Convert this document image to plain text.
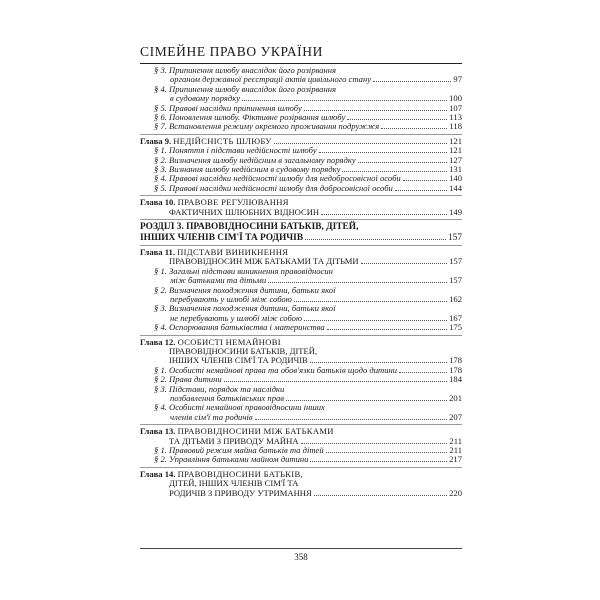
СІМЕЙНЕ ПРАВО УКРАЇНИ
§ 3. Припинення шлюбу внаслідок його розірвання
органом державної реєстрації актів цивільного стану	97
§ 4. Припинення шлюбу внаслідок його розірвання
в судовому порядку	100
§ 5. Правові наслідки припинення шлюбу	107
§ 6. Поновлення шлюбу. Фіктивне розірвання шлюбу	113
§ 7. Встановлення режиму окремого проживання подружжя	118
Глава 9. НЕДІЙСНІСТЬ ШЛЮБУ	121
§ 1. Поняття і підстави недійсності шлюбу	121
§ 2. Визначення шлюбу недійсним в загальному порядку	127
§ 3. Визнання шлюбу недійсним в судовому порядку	131
§ 4. Правові наслідки недійсності шлюбу для недобросовісної особи	140
§ 5. Правові наслідки недійсності шлюбу для добросовісної особи	144
Глава 10. ПРАВОВЕ РЕГУЛЮВАННЯ
ФАКТИЧНИХ ШЛЮБНИХ ВІДНОСИН	149
РОЗДІЛ 3. ПРАВОВІДНОСИНИ БАТЬКІВ, ДІТЕЙ,
ІНШИХ ЧЛЕНІВ СІМ'Ї ТА РОДИЧІВ	157
Глава 11. ПІДСТАВИ ВИНИКНЕННЯ
ПРАВОВІДНОСИН МІЖ БАТЬКАМИ ТА ДІТЬМИ	157
§ 1. Загальні підстави виникнення правовідносин
між батьками та дітьми	157
§ 2. Визначення походження дитини, батьки якої
перебувають у шлюбі між собою	162
§ 3. Визначення походження дитини, батьки якої
не перебувають у шлюбі між собою	167
§ 4. Оспорювання батьківства і материнства	175
Глава 12. ОСОБИСТІ НЕМАЙНОВІ
ПРАВОВІДНОСИНИ БАТЬКІВ, ДІТЕЙ,
ІНШИХ ЧЛЕНІВ СІМ'Ї ТА РОДИЧІВ	178
§ 1. Особисті немайнові права та обов'язки батьків щодо дитини	178
§ 2. Права дитини	184
§ 3. Підстави, порядок та наслідки
позбавлення батьківських прав	201
§ 4. Особисті немайнові правовідносини інших
членів сім'ї та родичів	207
Глава 13. ПРАВОВІДНОСИНИ МІЖ БАТЬКАМИ
ТА ДІТЬМИ З ПРИВОДУ МАЙНА	211
§ 1. Правовий режим майна батьків та дітей	211
§ 2. Управління батьками майном дитини	217
Глава 14. ПРАВОВІДНОСИНИ БАТЬКІВ,
ДІТЕЙ, ІНШИХ ЧЛЕНІВ СІМ'Ї ТА
РОДИЧІВ З ПРИВОДУ УТРИМАННЯ	220
358
